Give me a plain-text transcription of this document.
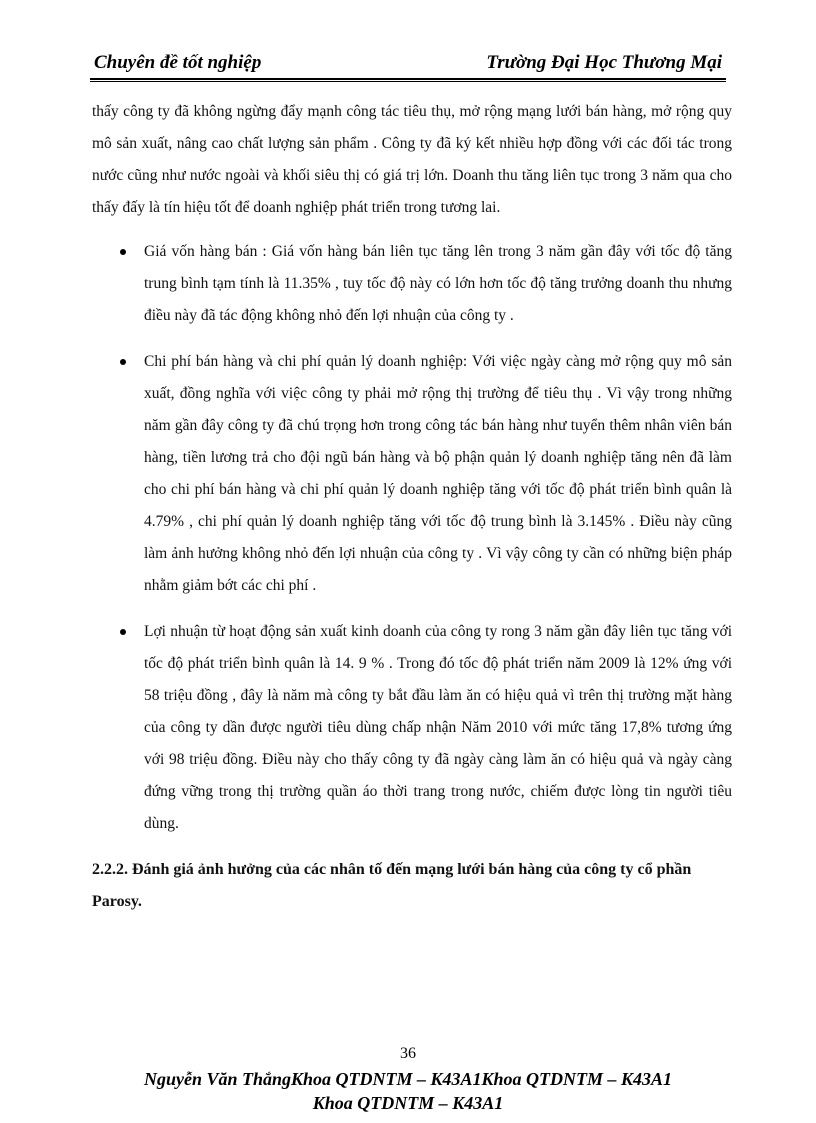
Chuyên đề tốt nghiệp	Trường Đại Học Thương Mại

thấy công ty đã không ngừng đẩy mạnh công tác tiêu thụ, mở rộng mạng lưới bán hàng, mở rộng quy mô sản xuất, nâng cao chất lượng sản phẩm . Công ty đã ký kết nhiều hợp đồng với các đối tác trong nước cũng như nước ngoài và khối siêu thị có giá trị lớn. Doanh thu tăng liên tục trong 3 năm qua cho thấy đấy là tín hiệu tốt để doanh nghiệp phát triển trong tương lai.

Giá vốn hàng bán : Giá vốn hàng bán liên tục tăng lên trong 3 năm gần đây với tốc độ tăng trung bình tạm tính là 11.35% , tuy tốc độ này có lớn hơn tốc độ tăng trưởng doanh thu nhưng điều này đã tác động không nhỏ đến lợi nhuận của công ty .
Chi phí bán hàng và chi phí quản lý doanh nghiệp: Với việc ngày càng mở rộng quy mô sản xuất, đồng nghĩa với việc công ty phải mở rộng thị trường để tiêu thụ . Vì vậy trong những năm gần đây công ty đã chú trọng hơn trong công tác bán hàng như tuyển thêm nhân viên bán hàng, tiền lương trả cho đội ngũ bán hàng và bộ phận quản lý doanh nghiệp tăng nên đã làm cho chi phí bán hàng và chi phí quản lý doanh nghiệp tăng với tốc độ phát triển bình quân là 4.79% , chi phí quản lý doanh nghiệp tăng với tốc độ trung bình là 3.145% . Điều này cũng làm ảnh hưởng không nhỏ đến lợi nhuận của công ty . Vì vậy công ty cần có những biện pháp nhằm giảm bớt các chi phí .
Lợi nhuận từ hoạt động sản xuất kinh doanh của công ty rong 3 năm gần đây liên tục tăng với tốc độ phát triển bình quân là 14. 9 % . Trong đó tốc độ phát triển năm 2009 là 12% ứng với 58 triệu đồng , đây là năm mà công ty bắt đầu làm ăn có hiệu quả vì trên thị trường mặt hàng của công ty dần được người tiêu dùng chấp nhận Năm 2010 với mức tăng 17,8% tương ứng với 98 triệu đồng. Điều này cho thấy công ty đã ngày càng làm ăn có hiệu quả và ngày càng đứng vững trong thị trường quần áo thời trang trong nước, chiếm được lòng tin người tiêu dùng.

2.2.2. Đánh giá ảnh hưởng của các nhân tố đến mạng lưới bán hàng của công ty cổ phần Parosy.

36
Nguyễn Văn ThắngKhoa QTDNTM – K43A1Khoa QTDNTM – K43A1
Khoa QTDNTM – K43A1
